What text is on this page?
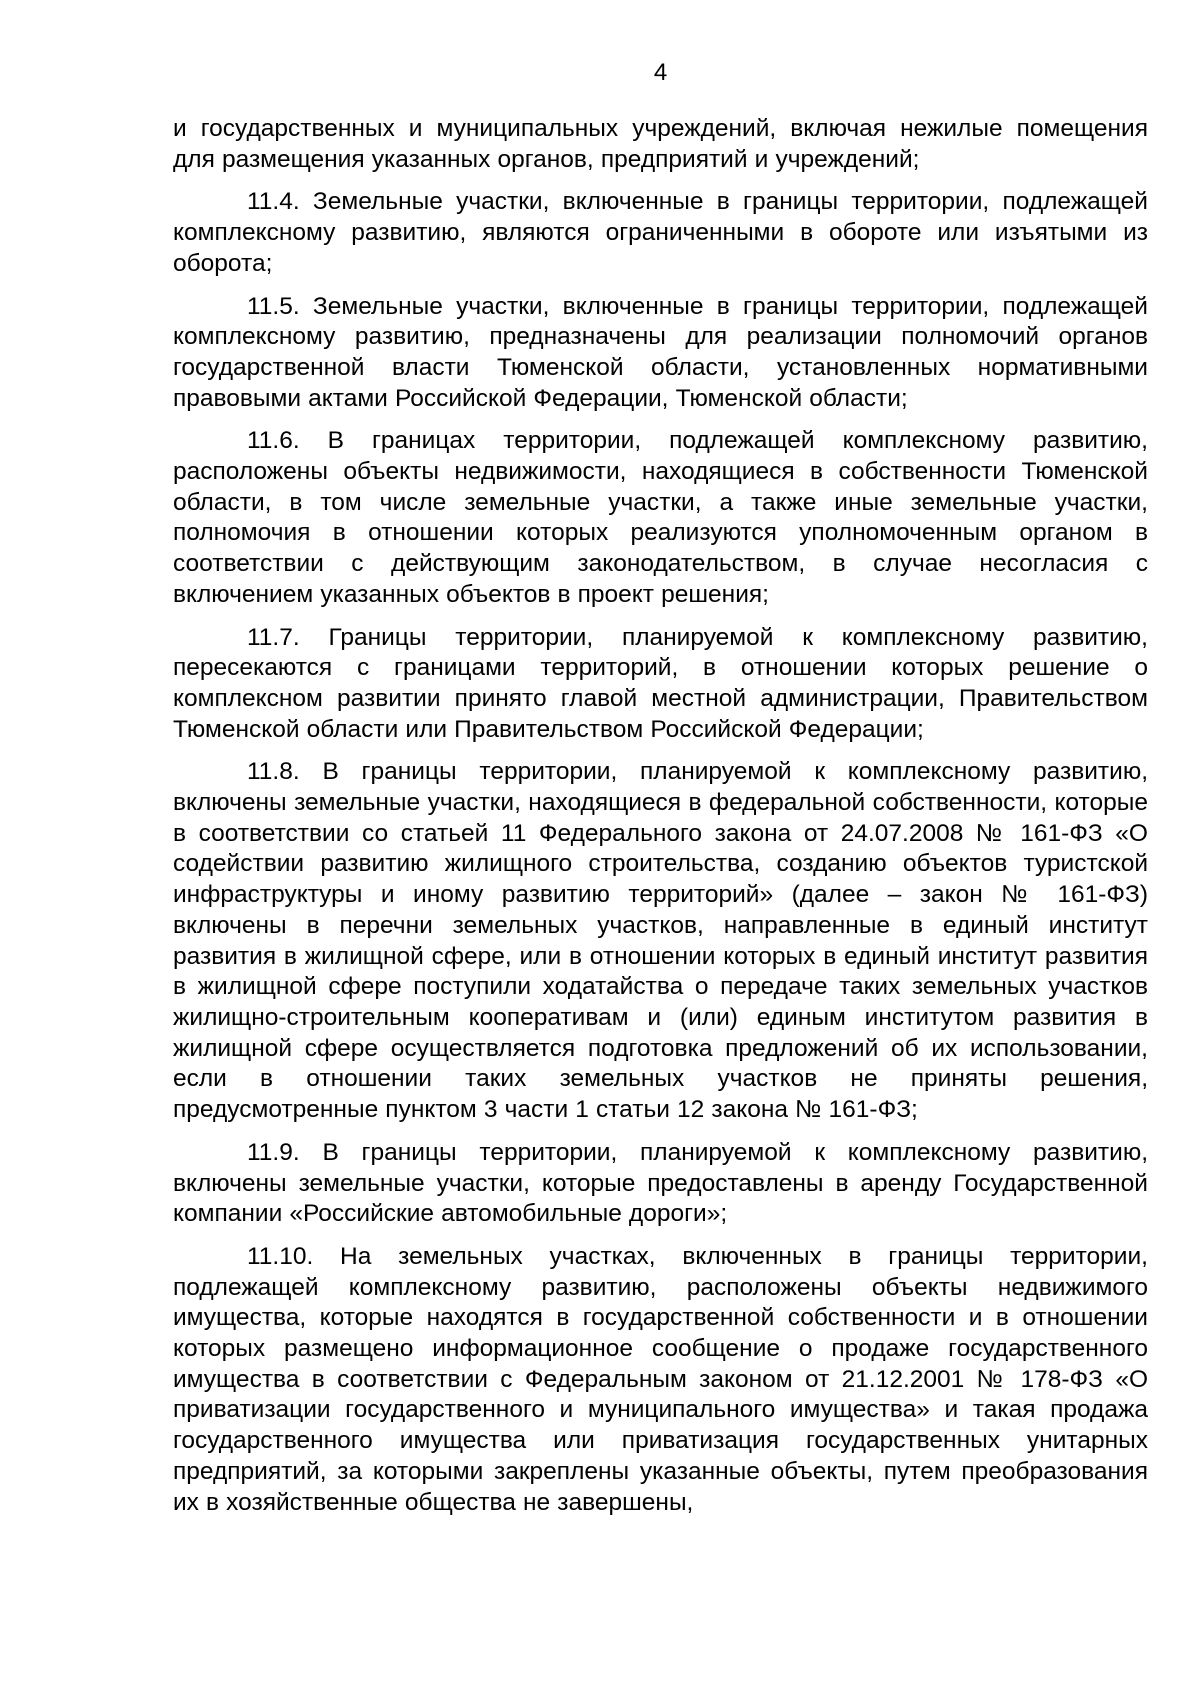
4

и государственных и муниципальных учреждений, включая нежилые помещения для размещения указанных органов, предприятий и учреждений;

11.4. Земельные участки, включенные в границы территории, подлежащей комплексному развитию, являются ограниченными в обороте или изъятыми из оборота;

11.5. Земельные участки, включенные в границы территории, подлежащей комплексному развитию, предназначены для реализации полномочий органов государственной власти Тюменской области, установленных нормативными правовыми актами Российской Федерации, Тюменской области;

11.6. В границах территории, подлежащей комплексному развитию, расположены объекты недвижимости, находящиеся в собственности Тюменской области, в том числе земельные участки, а также иные земельные участки, полномочия в отношении которых реализуются уполномоченным органом в соответствии с действующим законодательством, в случае несогласия с включением указанных объектов в проект решения;

11.7. Границы территории, планируемой к комплексному развитию, пересекаются с границами территорий, в отношении которых решение о комплексном развитии принято главой местной администрации, Правительством Тюменской области или Правительством Российской Федерации;

11.8. В границы территории, планируемой к комплексному развитию, включены земельные участки, находящиеся в федеральной собственности, которые в соответствии со статьей 11 Федерального закона от 24.07.2008 № 161-ФЗ «О содействии развитию жилищного строительства, созданию объектов туристской инфраструктуры и иному развитию территорий» (далее – закон № 161-ФЗ) включены в перечни земельных участков, направленные в единый институт развития в жилищной сфере, или в отношении которых в единый институт развития в жилищной сфере поступили ходатайства о передаче таких земельных участков жилищно-строительным кооперативам и (или) единым институтом развития в жилищной сфере осуществляется подготовка предложений об их использовании, если в отношении таких земельных участков не приняты решения, предусмотренные пунктом 3 части 1 статьи 12 закона № 161-ФЗ;

11.9. В границы территории, планируемой к комплексному развитию, включены земельные участки, которые предоставлены в аренду Государственной компании «Российские автомобильные дороги»;

11.10. На земельных участках, включенных в границы территории, подлежащей комплексному развитию, расположены объекты недвижимого имущества, которые находятся в государственной собственности и в отношении которых размещено информационное сообщение о продаже государственного имущества в соответствии с Федеральным законом от 21.12.2001 № 178-ФЗ «О приватизации государственного и муниципального имущества» и такая продажа государственного имущества или приватизация государственных унитарных предприятий, за которыми закреплены указанные объекты, путем преобразования их в хозяйственные общества не завершены,
